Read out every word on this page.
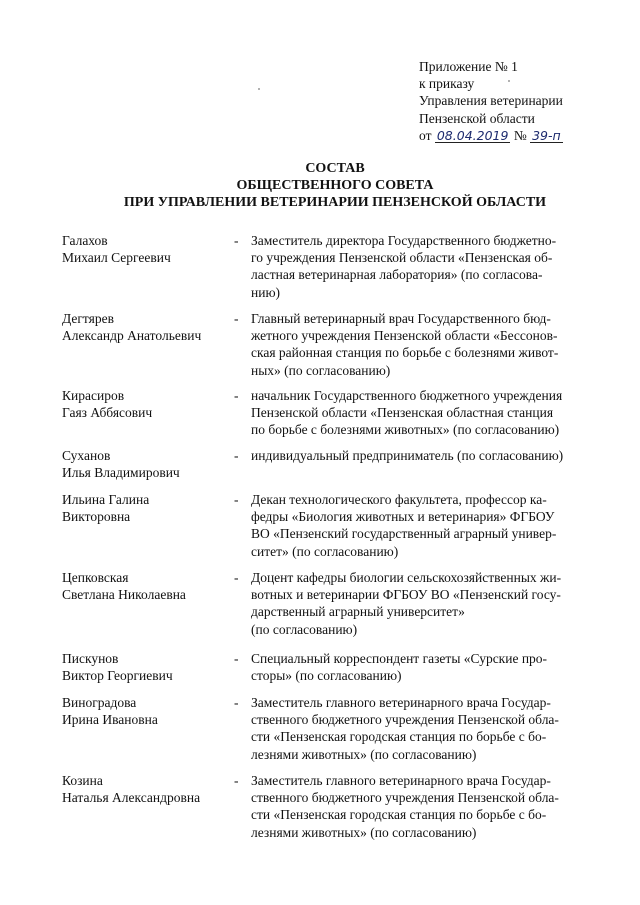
Приложение № 1
к приказу
Управления ветеринарии
Пензенской области
от 08.04.2019 № 39-п
СОСТАВ
ОБЩЕСТВЕННОГО СОВЕТА
ПРИ УПРАВЛЕНИИ ВЕТЕРИНАРИИ ПЕНЗЕНСКОЙ ОБЛАСТИ
Галахов
Михаил Сергеевич
- Заместитель директора Государственного бюджетно-
го учреждения Пензенской области «Пензенская об-
ластная ветеринарная лаборатория» (по согласова-
нию)
Дегтярев
Александр Анатольевич
- Главный ветеринарный врач Государственного бюд-
жетного учреждения Пензенской области «Бессонов-
ская районная станция по борьбе с болезнями живот-
ных» (по согласованию)
Кирасиров
Гаяз Аббясович
- начальник Государственного бюджетного учреждения
Пензенской области «Пензенская областная станция
по борьбе с болезнями животных» (по согласованию)
Суханов
Илья Владимирович
- индивидуальный предприниматель (по согласованию)
Ильина Галина
Викторовна
- Декан технологического факультета, профессор ка-
федры «Биология животных и ветеринария» ФГБОУ
ВО «Пензенский государственный аграрный универ-
ситет» (по согласованию)
Цепковская
Светлана Николаевна
- Доцент кафедры биологии сельскохозяйственных жи-
вотных и ветеринарии ФГБОУ ВО «Пензенский госу-
дарственный аграрный университет»
(по согласованию)
Пискунов
Виктор Георгиевич
- Специальный корреспондент газеты «Сурские про-
сторы» (по согласованию)
Виноградова
Ирина Ивановна
- Заместитель главного ветеринарного врача Государ-
ственного бюджетного учреждения Пензенской обла-
сти «Пензенская городская станция по борьбе с бо-
лезнями животных» (по согласованию)
Козина
Наталья Александровна
- Заместитель главного ветеринарного врача Государ-
ственного бюджетного учреждения Пензенской обла-
сти «Пензенская городская станция по борьбе с бо-
лезнями животных» (по согласованию)
